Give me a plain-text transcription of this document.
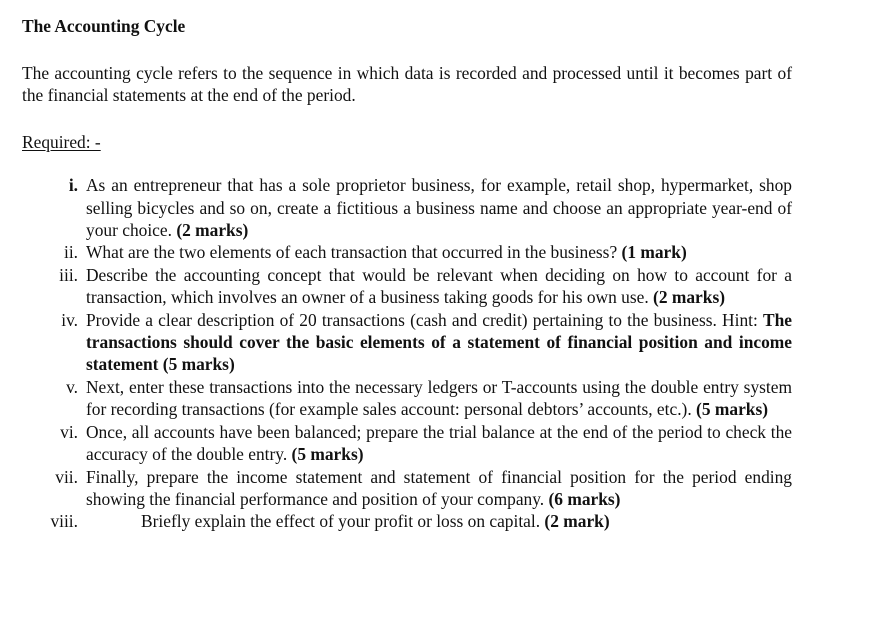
The Accounting Cycle

The accounting cycle refers to the sequence in which data is recorded and processed until it becomes part of the financial statements at the end of the period.

Required: -

i. As an entrepreneur that has a sole proprietor business, for example, retail shop, hypermarket, shop selling bicycles and so on, create a fictitious a business name and choose an appropriate year-end of your choice. (2 marks)
ii. What are the two elements of each transaction that occurred in the business? (1 mark)
iii. Describe the accounting concept that would be relevant when deciding on how to account for a transaction, which involves an owner of a business taking goods for his own use. (2 marks)
iv. Provide a clear description of 20 transactions (cash and credit) pertaining to the business. Hint: The transactions should cover the basic elements of a statement of financial position and income statement (5 marks)
v. Next, enter these transactions into the necessary ledgers or T-accounts using the double entry system for recording transactions (for example sales account: personal debtors’ accounts, etc.). (5 marks)
vi. Once, all accounts have been balanced; prepare the trial balance at the end of the period to check the accuracy of the double entry. (5 marks)
vii. Finally, prepare the income statement and statement of financial position for the period ending showing the financial performance and position of your company. (6 marks)
viii.	Briefly explain the effect of your profit or loss on capital. (2 mark)
